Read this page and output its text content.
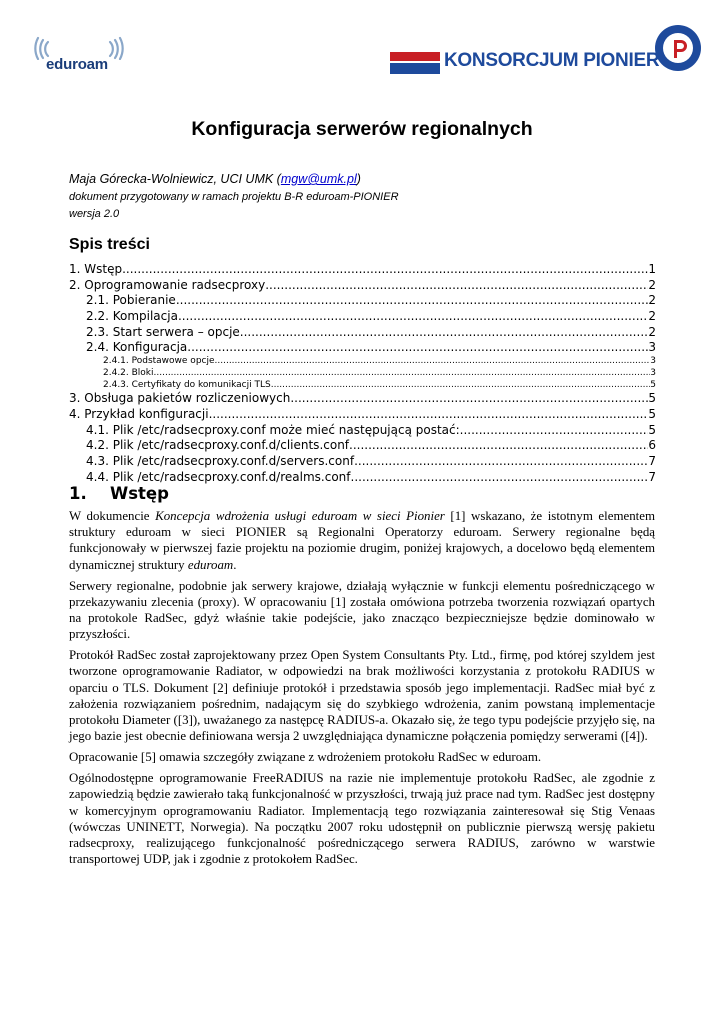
eduroam	KONSORCJUM PIONIER
Konfiguracja serwerów regionalnych
Maja Górecka-Wolniewicz, UCI UMK (mgw@umk.pl)
dokument przygotowany w ramach projektu B-R eduroam-PIONIER
wersja 2.0
Spis treści
1. Wstęp .....	1
2. Oprogramowanie radsecproxy .....	2
2.1. Pobieranie .....	2
2.2. Kompilacja .....	2
2.3. Start serwera – opcje .....	2
2.4. Konfiguracja .....	3
2.4.1. Podstawowe opcje .....	3
2.4.2. Bloki .....	3
2.4.3. Certyfikaty do komunikacji TLS .....	5
3. Obsługa pakietów rozliczeniowych .....	5
4. Przykład konfiguracji .....	5
4.1. Plik /etc/radsecproxy.conf może mieć następującą postać: .....	5
4.2. Plik /etc/radsecproxy.conf.d/clients.conf .....	6
4.3. Plik /etc/radsecproxy.conf.d/servers.conf .....	7
4.4. Plik /etc/radsecproxy.conf.d/realms.conf .....	7
1. Wstęp

W dokumencie Koncepcja wdrożenia usługi eduroam w sieci Pionier [1] wskazano, że istotnym elementem struktury eduroam w sieci PIONIER są Regionalni Operatorzy eduroam. Serwery regionalne będą funkcjonowały w pierwszej fazie projektu na poziomie drugim, poniżej krajowych, a docelowo będą elementem dynamicznej struktury eduroam.

Serwery regionalne, podobnie jak serwery krajowe, działają wyłącznie w funkcji elementu pośredniczącego w przekazywaniu zlecenia (proxy). W opracowaniu [1] została omówiona potrzeba tworzenia rozwiązań opartych na protokole RadSec, gdyż właśnie takie podejście, jako znacząco bezpieczniejsze będzie dominowało w przyszłości.

Protokół RadSec został zaprojektowany przez Open System Consultants Pty. Ltd., firmę, pod której szyldem jest tworzone oprogramowanie Radiator, w odpowiedzi na brak możliwości korzystania z protokołu RADIUS w oparciu o TLS. Dokument [2] definiuje protokół i przedstawia sposób jego implementacji. RadSec miał być z założenia rozwiązaniem pośrednim, nadającym się do szybkiego wdrożenia, zanim powstaną implementacje protokołu Diameter ([3]), uważanego za następcę RADIUS-a. Okazało się, że tego typu podejście przyjęło się, na jego bazie jest obecnie definiowana wersja 2 uwzględniająca dynamiczne połączenia pomiędzy serwerami ([4]).

Opracowanie [5] omawia szczegóły związane z wdrożeniem protokołu RadSec w eduroam.

Ogólnodostępne oprogramowanie FreeRADIUS na razie nie implementuje protokołu RadSec, ale zgodnie z zapowiedzią będzie zawierało taką funkcjonalność w przyszłości, trwają już prace nad tym. RadSec jest dostępny w komercyjnym oprogramowaniu Radiator. Implementacją tego rozwiązania zainteresował się Stig Venaas (wówczas UNINETT, Norwegia). Na początku 2007 roku udostępnił on publicznie pierwszą wersję pakietu radsecproxy, realizującego funkcjonalność pośredniczącego serwera RADIUS, zarówno w warstwie transportowej UDP, jak i zgodnie z protokołem RadSec.
